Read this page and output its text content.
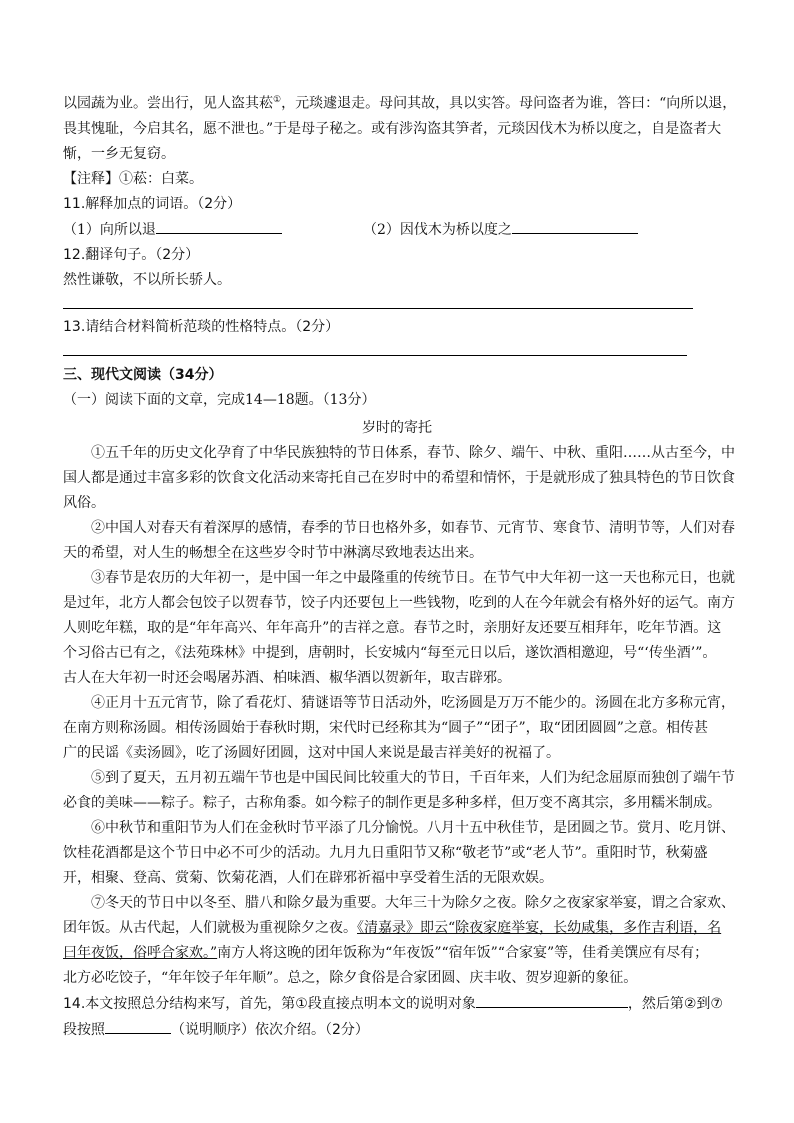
以园蔬为业。尝出行，见人盗其菘①，元琰遽退走。母问其故，具以实答。母问盗者为谁，答曰：“向所以退，
畏其愧耻，今启其名，愿不泄也。”于是母子秘之。或有涉沟盗其笋者，元琰因伐木为桥以度之，自是盗者大
惭，一乡无复窃。
【注释】①菘：白菜。
11.解释加点的词语。（2分）
（1）向所以退	（2）因伐木为桥以度之
12.翻译句子。（2分）
然性谦敬，不以所长骄人。
13.请结合材料简析范琰的性格特点。（2分）
三、现代文阅读（34分）
（一）阅读下面的文章，完成14—18题。（13分）
岁时的寄托
①五千年的历史文化孕育了中华民族独特的节日体系，春节、除夕、端午、中秋、重阳……从古至今，中
国人都是通过丰富多彩的饮食文化活动来寄托自己在岁时中的希望和情怀，于是就形成了独具特色的节日饮食
风俗。
②中国人对春天有着深厚的感情，春季的节日也格外多，如春节、元宵节、寒食节、清明节等，人们对春
天的希望，对人生的畅想全在这些岁令时节中淋漓尽致地表达出来。
③春节是农历的大年初一，是中国一年之中最隆重的传统节日。在节气中大年初一这一天也称元日，也就
是过年，北方人都会包饺子以贺春节，饺子内还要包上一些钱物，吃到的人在今年就会有格外好的运气。南方
人则吃年糕，取的是“年年高兴、年年高升”的吉祥之意。春节之时，亲朋好友还要互相拜年，吃年节酒。这
个习俗古已有之，《法苑珠林》中提到，唐朝时，长安城内“每至元日以后，遂饮酒相邀迎，号“‘传坐酒’”。
古人在大年初一时还会喝屠苏酒、柏味酒、椒华酒以贺新年，取吉辟邪。
④正月十五元宵节，除了看花灯、猜谜语等节日活动外，吃汤圆是万万不能少的。汤圆在北方多称元宵，
在南方则称汤圆。相传汤圆始于春秋时期，宋代时已经称其为“圆子”“团子”，取“团团圆圆”之意。相传甚
广的民谣《卖汤圆》，吃了汤圆好团圆，这对中国人来说是最吉祥美好的祝福了。
⑤到了夏天，五月初五端午节也是中国民间比较重大的节日，千百年来，人们为纪念屈原而独创了端午节
必食的美味——粽子。粽子，古称角黍。如今粽子的制作更是多种多样，但万变不离其宗，多用糯米制成。
⑥中秋节和重阳节为人们在金秋时节平添了几分愉悦。八月十五中秋佳节，是团圆之节。赏月、吃月饼、
饮桂花酒都是这个节日中必不可少的活动。九月九日重阳节又称“敬老节”或“老人节”。重阳时节，秋菊盛
开，相聚、登高、赏菊、饮菊花酒，人们在辟邪祈福中享受着生活的无限欢娱。
⑦冬天的节日中以冬至、腊八和除夕最为重要。大年三十为除夕之夜。除夕之夜家家举宴，谓之合家欢、
团年饭。从古代起，人们就极为重视除夕之夜。《清嘉录》即云“除夜家庭举宴，长幼咸集，多作吉利语，名
曰年夜饭，俗呼合家欢。”南方人将这晚的团年饭称为“年夜饭”“宿年饭”“合家宴”等，佳肴美馔应有尽有；
北方必吃饺子，“年年饺子年年顺”。总之，除夕食俗是合家团圆、庆丰收、贺岁迎新的象征。
14.本文按照总分结构来写，首先，第①段直接点明本文的说明对象	，然后第②到⑦
段按照	（说明顺序）依次介绍。（2分）
